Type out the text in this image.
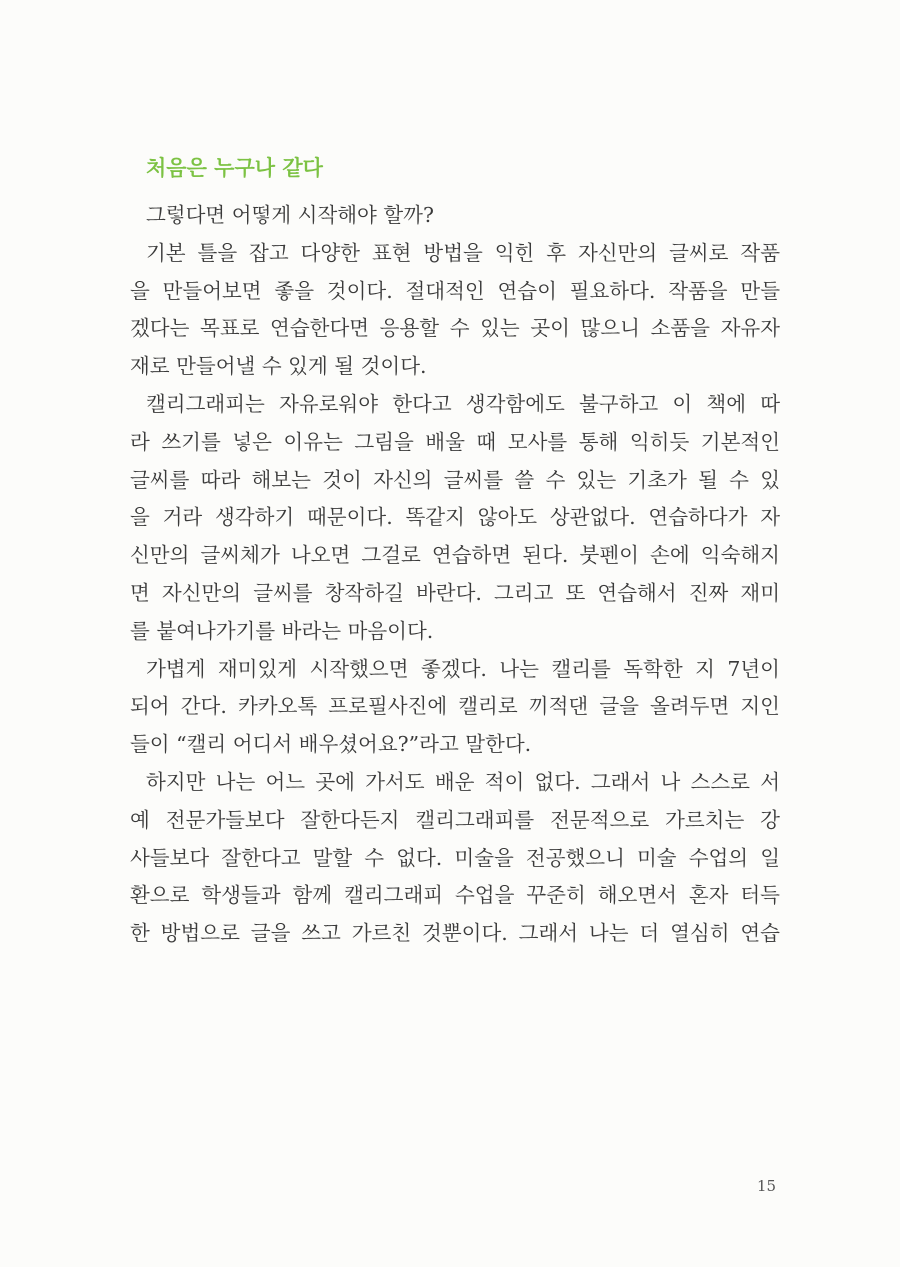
처음은 누구나 같다
그렇다면 어떻게 시작해야 할까?
기본 틀을 잡고 다양한 표현 방법을 익힌 후 자신만의 글씨로 작품
을 만들어보면 좋을 것이다. 절대적인 연습이 필요하다. 작품을 만들
겠다는 목표로 연습한다면 응용할 수 있는 곳이 많으니 소품을 자유자
재로 만들어낼 수 있게 될 것이다.
캘리그래피는 자유로워야 한다고 생각함에도 불구하고 이 책에 따
라 쓰기를 넣은 이유는 그림을 배울 때 모사를 통해 익히듯 기본적인
글씨를 따라 해보는 것이 자신의 글씨를 쓸 수 있는 기초가 될 수 있
을 거라 생각하기 때문이다. 똑같지 않아도 상관없다. 연습하다가 자
신만의 글씨체가 나오면 그걸로 연습하면 된다. 붓펜이 손에 익숙해지
면 자신만의 글씨를 창작하길 바란다. 그리고 또 연습해서 진짜 재미
를 붙여나가기를 바라는 마음이다.
가볍게 재미있게 시작했으면 좋겠다. 나는 캘리를 독학한 지 7년이
되어 간다. 카카오톡 프로필사진에 캘리로 끼적댄 글을 올려두면 지인
들이 “캘리 어디서 배우셨어요?”라고 말한다.
하지만 나는 어느 곳에 가서도 배운 적이 없다. 그래서 나 스스로 서
예 전문가들보다 잘한다든지 캘리그래피를 전문적으로 가르치는 강
사들보다 잘한다고 말할 수 없다. 미술을 전공했으니 미술 수업의 일
환으로 학생들과 함께 캘리그래피 수업을 꾸준히 해오면서 혼자 터득
한 방법으로 글을 쓰고 가르친 것뿐이다. 그래서 나는 더 열심히 연습
15
